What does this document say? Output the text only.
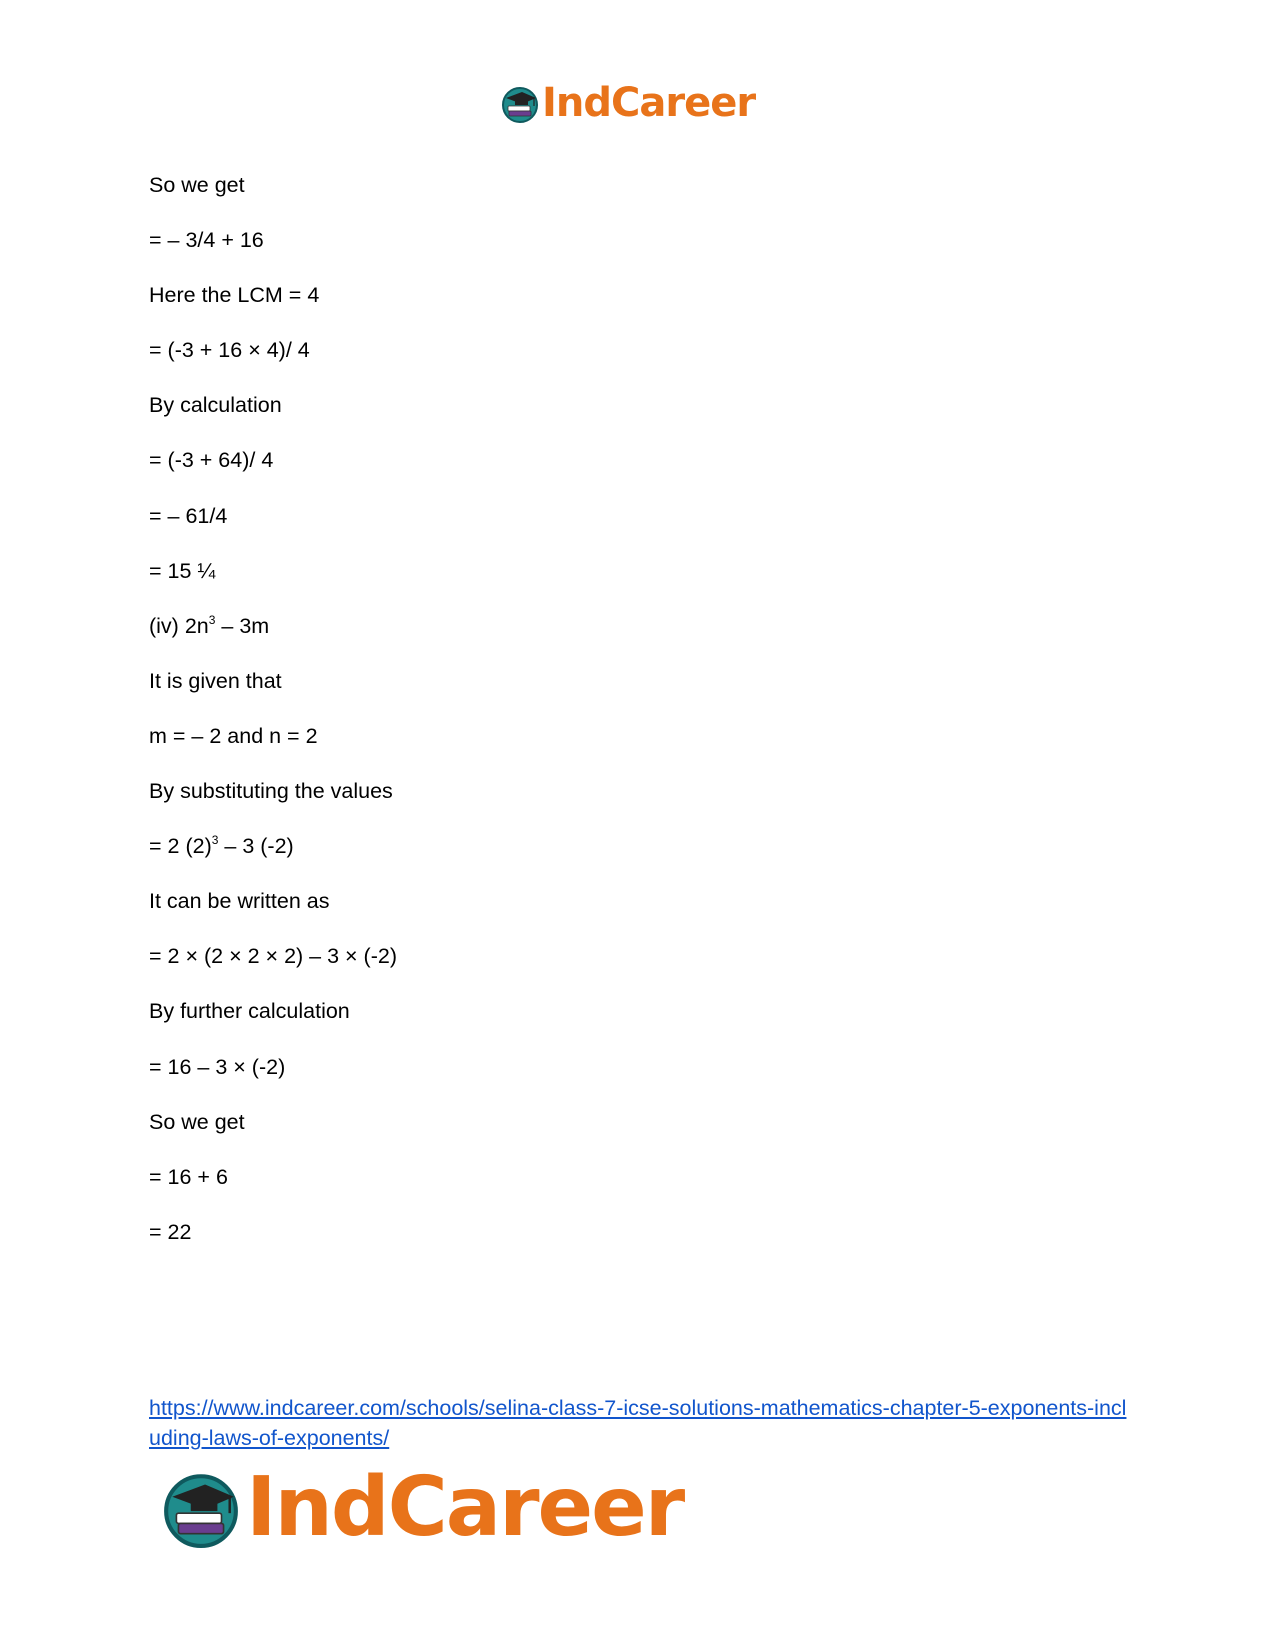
IndCareer
So we get
= – 3/4 + 16
Here the LCM = 4
= (-3 + 16 × 4)/ 4
By calculation
= (-3 + 64)/ 4
= – 61/4
= 15 ¼
(iv) $2n^3 - 3m$
It is given that
m = – 2 and n = 2
By substituting the values
= 2 $(2)^3 - 3$ (-2)
It can be written as
= 2 × (2 × 2 × 2) – 3 × (-2)
By further calculation
= 16 – 3 × (-2)
So we get
= 16 + 6
= 22
https://www.indcareer.com/schools/selina-class-7-icse-solutions-mathematics-chapter-5-exponents-including-laws-of-exponents/
IndCareer
